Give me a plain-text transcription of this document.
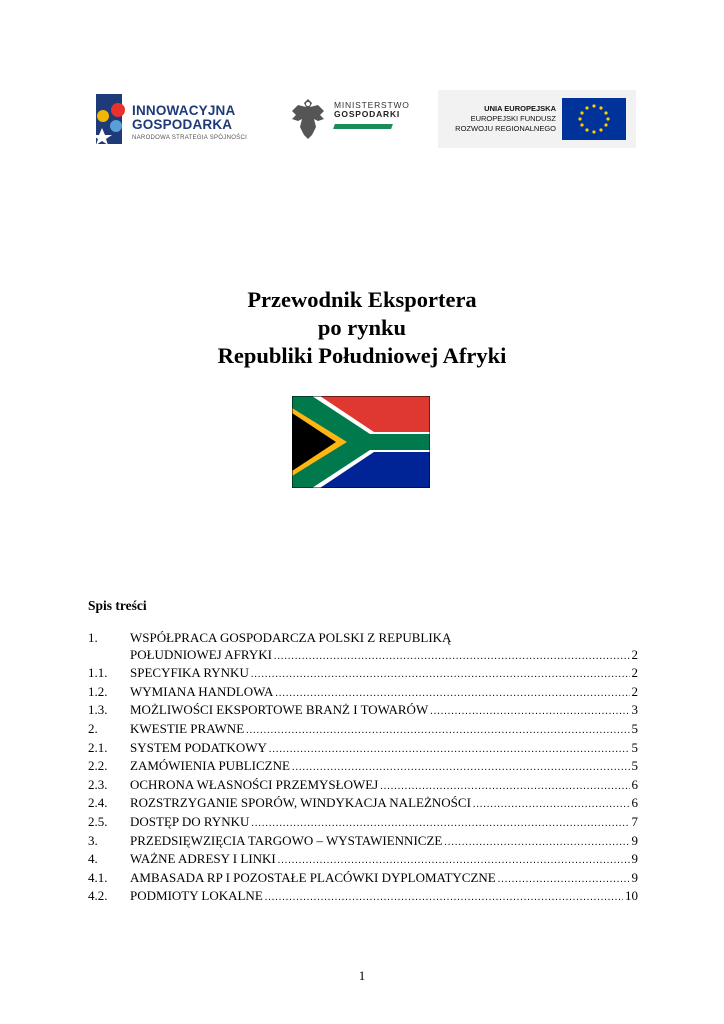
INNOWACYJNA
GOSPODARKA
NARODOWA STRATEGIA SPÓJNOŚCI
MINISTERSTWO
GOSPODARKI
UNIA EUROPEJSKA
EUROPEJSKI FUNDUSZ
ROZWOJU REGIONALNEGO
Przewodnik Eksportera
po rynku
Republiki Południowej Afryki
Spis treści
1.	WSPÓŁPRACA GOSPODARCZA POLSKI Z REPUBLIKĄ
POŁUDNIOWEJ AFRYKI .....	2
1.1.	SPECYFIKA RYNKU .....	2
1.2.	WYMIANA HANDLOWA .....	2
1.3.	MOŻLIWOŚCI EKSPORTOWE BRANŻ I TOWARÓW .....	3
2.	KWESTIE PRAWNE .....	5
2.1.	SYSTEM PODATKOWY .....	5
2.2.	ZAMÓWIENIA PUBLICZNE .....	5
2.3.	OCHRONA WŁASNOŚCI PRZEMYSŁOWEJ .....	6
2.4.	ROZSTRZYGANIE SPORÓW, WINDYKACJA NALEŻNOŚCI .....	6
2.5.	DOSTĘP DO RYNKU .....	7
3.	PRZEDSIĘWZIĘCIA TARGOWO – WYSTAWIENNICZE .....	9
4.	WAŻNE ADRESY I LINKI .....	9
4.1.	AMBASADA RP I POZOSTAŁE PLACÓWKI DYPLOMATYCZNE .....	9
4.2.	PODMIOTY LOKALNE .....	10
1
